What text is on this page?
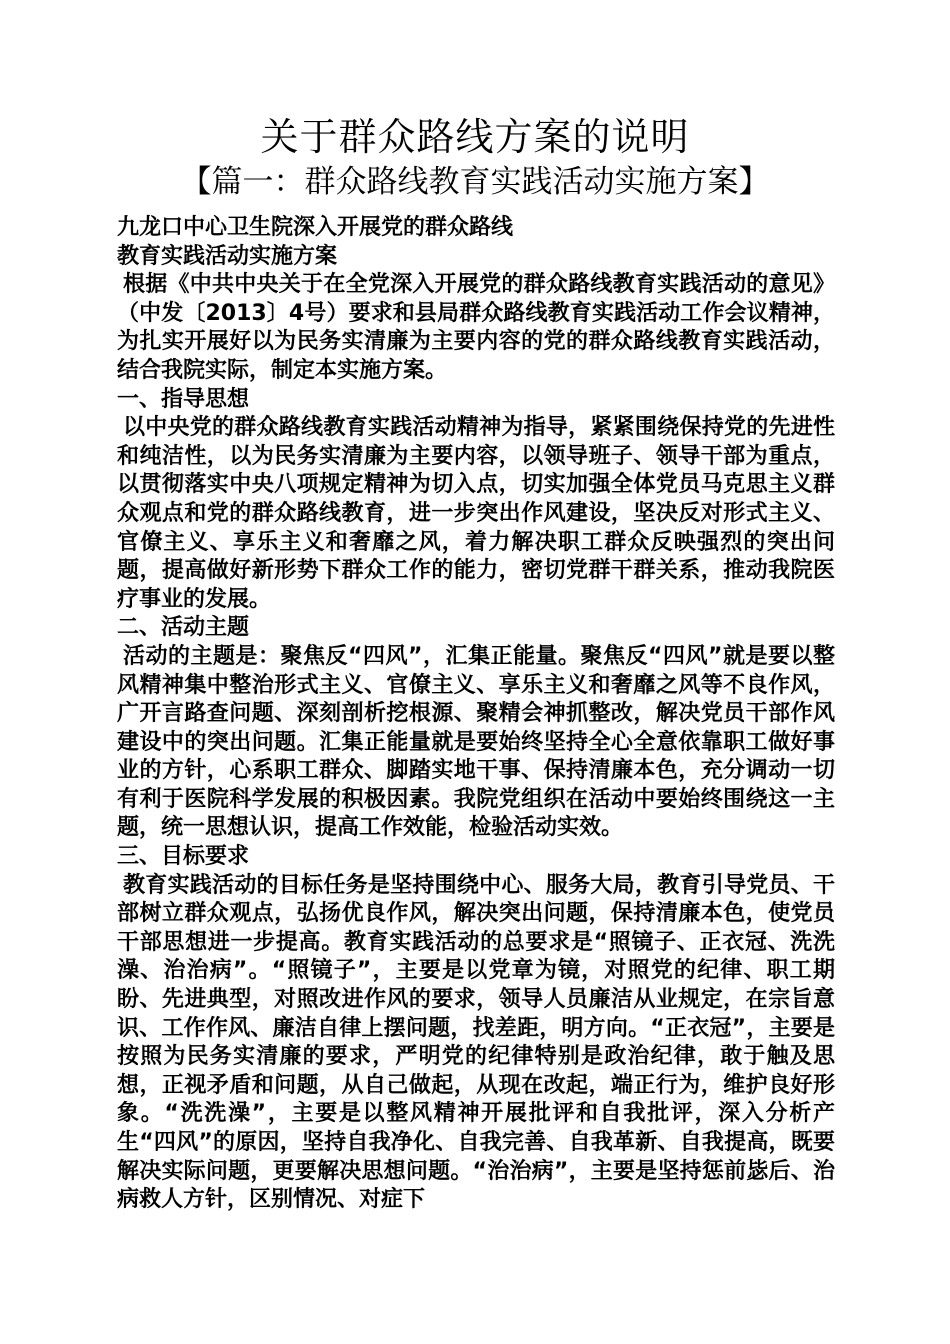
关于群众路线方案的说明
【篇一：群众路线教育实践活动实施方案】

九龙口中心卫生院深入开展党的群众路线

教育实践活动实施方案

根据《中共中央关于在全党深入开展党的群众路线教育实践活动的意见》（中发〔2013〕4号）要求和县局群众路线教育实践活动工作会议精神，为扎实开展好以为民务实清廉为主要内容的党的群众路线教育实践活动，结合我院实际，制定本实施方案。

一、指导思想

以中央党的群众路线教育实践活动精神为指导，紧紧围绕保持党的先进性和纯洁性，以为民务实清廉为主要内容，以领导班子、领导干部为重点，以贯彻落实中央八项规定精神为切入点，切实加强全体党员马克思主义群众观点和党的群众路线教育，进一步突出作风建设，坚决反对形式主义、官僚主义、享乐主义和奢靡之风，着力解决职工群众反映强烈的突出问题，提高做好新形势下群众工作的能力，密切党群干群关系，推动我院医疗事业的发展。

二、活动主题

活动的主题是：聚焦反“四风”，汇集正能量。聚焦反“四风”就是要以整风精神集中整治形式主义、官僚主义、享乐主义和奢靡之风等不良作风，广开言路查问题、深刻剖析挖根源、聚精会神抓整改，解决党员干部作风建设中的突出问题。汇集正能量就是要始终坚持全心全意依靠职工做好事业的方针，心系职工群众、脚踏实地干事、保持清廉本色，充分调动一切有利于医院科学发展的积极因素。我院党组织在活动中要始终围绕这一主题，统一思想认识，提高工作效能，检验活动实效。

三、目标要求

教育实践活动的目标任务是坚持围绕中心、服务大局，教育引导党员、干部树立群众观点，弘扬优良作风，解决突出问题，保持清廉本色，使党员干部思想进一步提高。教育实践活动的总要求是“照镜子、正衣冠、洗洗澡、治治病”。“照镜子”，主要是以党章为镜，对照党的纪律、职工期盼、先进典型，对照改进作风的要求，领导人员廉洁从业规定，在宗旨意识、工作作风、廉洁自律上摆问题，找差距，明方向。“正衣冠”，主要是按照为民务实清廉的要求，严明党的纪律特别是政治纪律，敢于触及思想，正视矛盾和问题，从自己做起，从现在改起，端正行为，维护良好形象。“洗洗澡”，主要是以整风精神开展批评和自我批评，深入分析产生“四风”的原因，坚持自我净化、自我完善、自我革新、自我提高，既要解决实际问题，更要解决思想问题。“治治病”，主要是坚持惩前毖后、治病救人方针，区别情况、对症下
